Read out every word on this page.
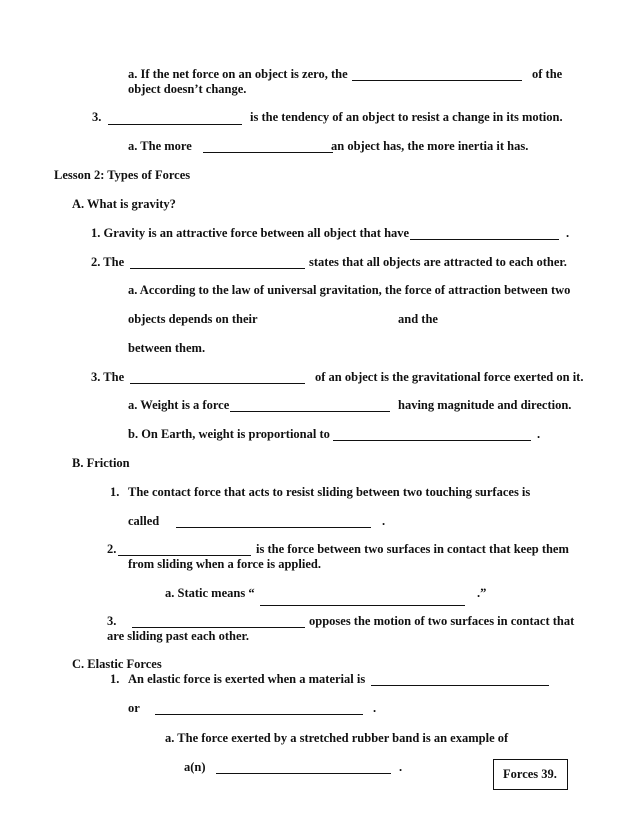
a. If the net force on an object is zero, the	of the
object doesn’t change.
3.	is the tendency of an object to resist a change in its motion.
a. The more	an object has, the more inertia it has.
Lesson 2: Types of Forces
A. What is gravity?
1. Gravity is an attractive force between all object that have	.
2. The	states that all objects are attracted to each other.
a. According to the law of universal gravitation, the force of attraction between two
objects depends on their	and the
between them.
3. The	of an object is the gravitational force exerted on it.
a. Weight is a force	having magnitude and direction.
b. On Earth, weight is proportional to	.
B. Friction
1. The contact force that acts to resist sliding between two touching surfaces is
called	.
2.	is the force between two surfaces in contact that keep them
from sliding when a force is applied.
a. Static means “	.”
3.	opposes the motion of two surfaces in contact that
are sliding past each other.
C. Elastic Forces
1. An elastic force is exerted when a material is
or	.
a. The force exerted by a stretched rubber band is an example of
a(n)	.	Forces 39.
